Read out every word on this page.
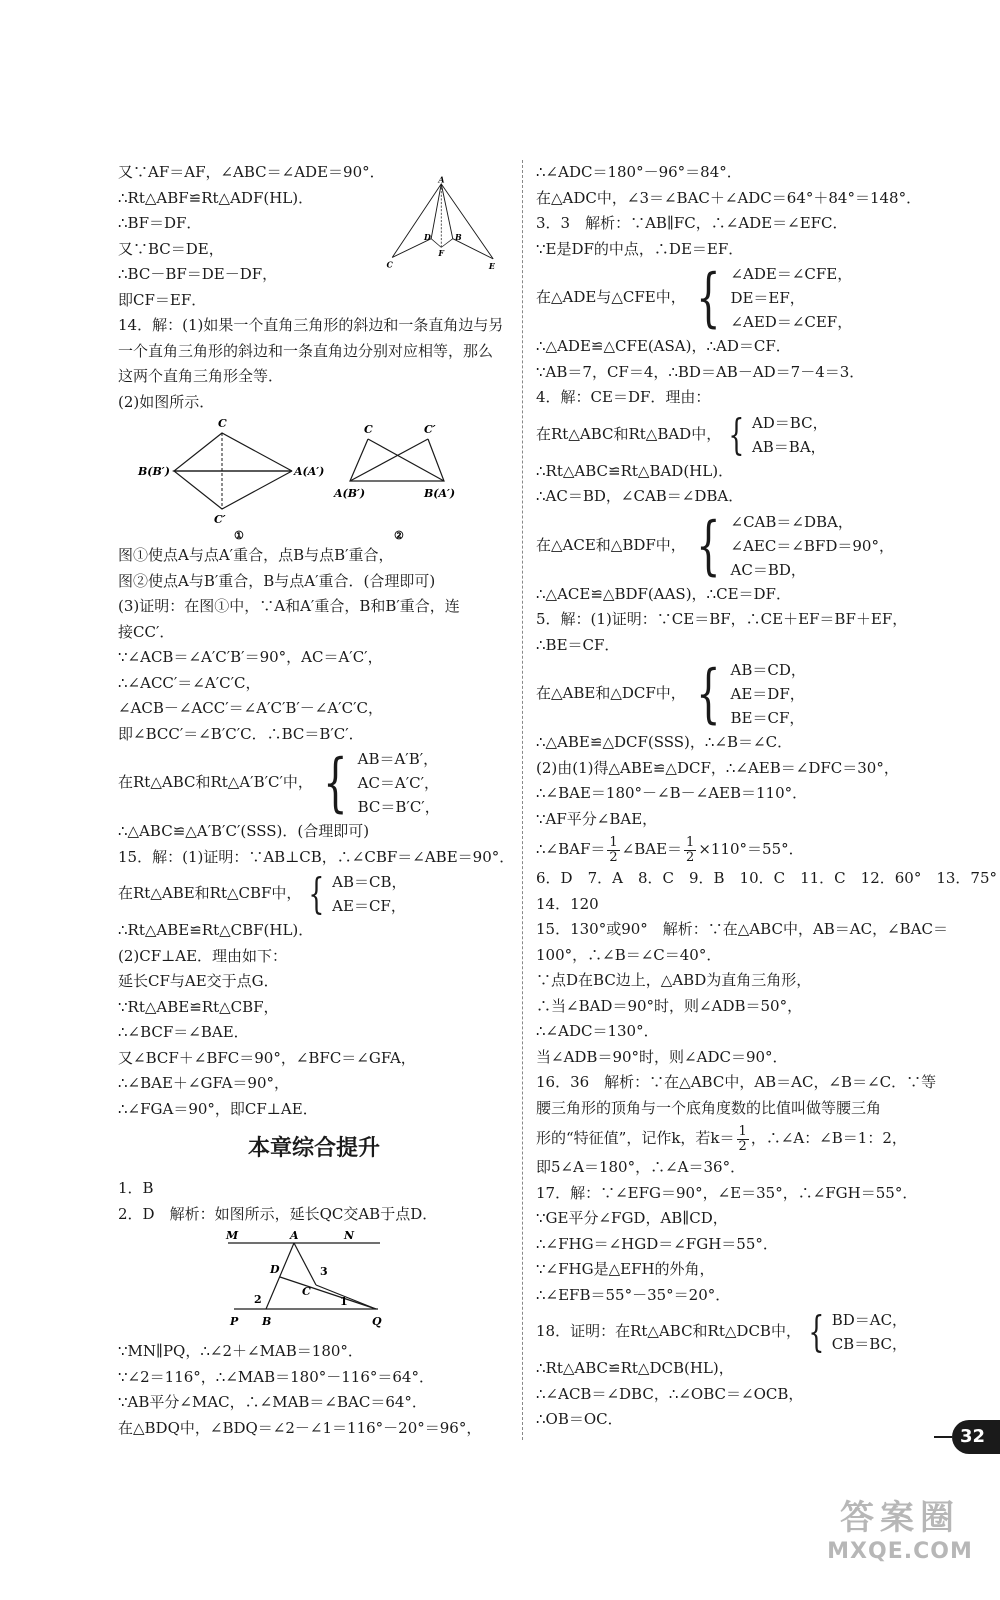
又∵AF＝AF，∠ABC＝∠ADE＝90°．
∴Rt△ABF≌Rt△ADF(HL)．
∴BF＝DF．
又∵BC＝DE，
∴BC－BF＝DE－DF，
即CF＝EF．
A
D B
F
C	E
14．解：(1)如果一个直角三角形的斜边和一条直角边与另
一个直角三角形的斜边和一条直角边分别对应相等，那么
这两个直角三角形全等．
(2)如图所示．
C
B(B′)	A(A′)
C′
①
C	C′
A(B′)	B(A′)
②
图①使点A与点A′重合，点B与点B′重合，
图②使点A与B′重合，B与点A′重合．(合理即可)
(3)证明：在图①中，∵A和A′重合，B和B′重合，连
接CC′．
∵∠ACB＝∠A′C′B′＝90°，AC＝A′C′，
∴∠ACC′＝∠A′C′C，
∠ACB－∠ACC′＝∠A′C′B′－∠A′C′C，
即∠BCC′＝∠B′C′C．∴BC＝B′C′．
在Rt△ABC和Rt△A′B′C′中， { AB＝A′B′，
AC＝A′C′，
BC＝B′C′，
∴△ABC≌△A′B′C′(SSS)．(合理即可)
15．解：(1)证明：∵AB⊥CB，∴∠CBF＝∠ABE＝90°．
在Rt△ABE和Rt△CBF中， { AB＝CB，
AE＝CF，
∴Rt△ABE≌Rt△CBF(HL)．
(2)CF⊥AE．理由如下：
延长CF与AE交于点G．
∵Rt△ABE≌Rt△CBF，
∴∠BCF＝∠BAE．
又∠BCF＋∠BFC＝90°，∠BFC＝∠GFA，
∴∠BAE＋∠GFA＝90°，
∴∠FGA＝90°，即CF⊥AE．
本章综合提升
1．B
2．D　解析：如图所示，延长QC交AB于点D．
M	A	N
D	3
C
2	1
P B	Q
∵MN∥PQ，∴∠2＋∠MAB＝180°．
∵∠2＝116°，∴∠MAB＝180°－116°＝64°．
∵AB平分∠MAC，∴∠MAB＝∠BAC＝64°．
在△BDQ中，∠BDQ＝∠2－∠1＝116°－20°＝96°，
∴∠ADC＝180°－96°＝84°．
在△ADC中，∠3＝∠BAC＋∠ADC＝64°＋84°＝148°．
3．3　解析：∵AB∥FC，∴∠ADE＝∠EFC．
∵E是DF的中点，∴DE＝EF．
在△ADE与△CFE中， { ∠ADE＝∠CFE，
DE＝EF，
∠AED＝∠CEF，
∴△ADE≌△CFE(ASA)，∴AD＝CF．
∵AB＝7，CF＝4，∴BD＝AB－AD＝7－4＝3．
4．解：CE＝DF．理由：
在Rt△ABC和Rt△BAD中， { AD＝BC，
AB＝BA，
∴Rt△ABC≌Rt△BAD(HL)．
∴AC＝BD，∠CAB＝∠DBA．
在△ACE和△BDF中， { ∠CAB＝∠DBA，
∠AEC＝∠BFD＝90°，
AC＝BD，
∴△ACE≌△BDF(AAS)，∴CE＝DF．
5．解：(1)证明：∵CE＝BF，∴CE＋EF＝BF＋EF，
∴BE＝CF．
在△ABE和△DCF中， { AB＝CD，
AE＝DF，
BE＝CF，
∴△ABE≌△DCF(SSS)，∴∠B＝∠C．
(2)由(1)得△ABE≌△DCF，∴∠AEB＝∠DFC＝30°，
∴∠BAE＝180°－∠B－∠AEB＝110°．
∵AF平分∠BAE，
∴∠BAF＝ $\frac{1}{2}$ ∠BAE＝ $\frac{1}{2} \times 110^\circ=55^\circ$．
6．D　7．A　8．C　9．B　10．C　11．C　12．60°　13．75°
14．120
15．130°或90°　解析：∵在△ABC中，AB＝AC，∠BAC＝
100°，∴∠B＝∠C＝40°．
∵点D在BC边上，△ABD为直角三角形，
∴当∠BAD＝90°时，则∠ADB＝50°，
∴∠ADC＝130°．
当∠ADB＝90°时，则∠ADC＝90°．
16．36　解析：∵在△ABC中，AB＝AC，∠B＝∠C．∵等
腰三角形的顶角与一个底角度数的比值叫做等腰三角
形的“特征值”，记作k，若$k= \frac{1}{2}$ ，∴∠A：∠B＝1：2，
即5∠A＝180°，∴∠A＝36°．
17．解：∵∠EFG＝90°，∠E＝35°，∴∠FGH＝55°．
∵GE平分∠FGD，AB∥CD，
∴∠FHG＝∠HGD＝∠FGH＝55°．
∵∠FHG是△EFH的外角，
∴∠EFB＝55°－35°＝20°．
18．证明：在Rt△ABC和Rt△DCB中， { BD＝AC，
CB＝BC，
∴Rt△ABC≌Rt△DCB(HL)，
∴∠ACB＝∠DBC，∴∠OBC＝∠OCB，
∴OB＝OC．
32
答案圈
MXQE.COM
